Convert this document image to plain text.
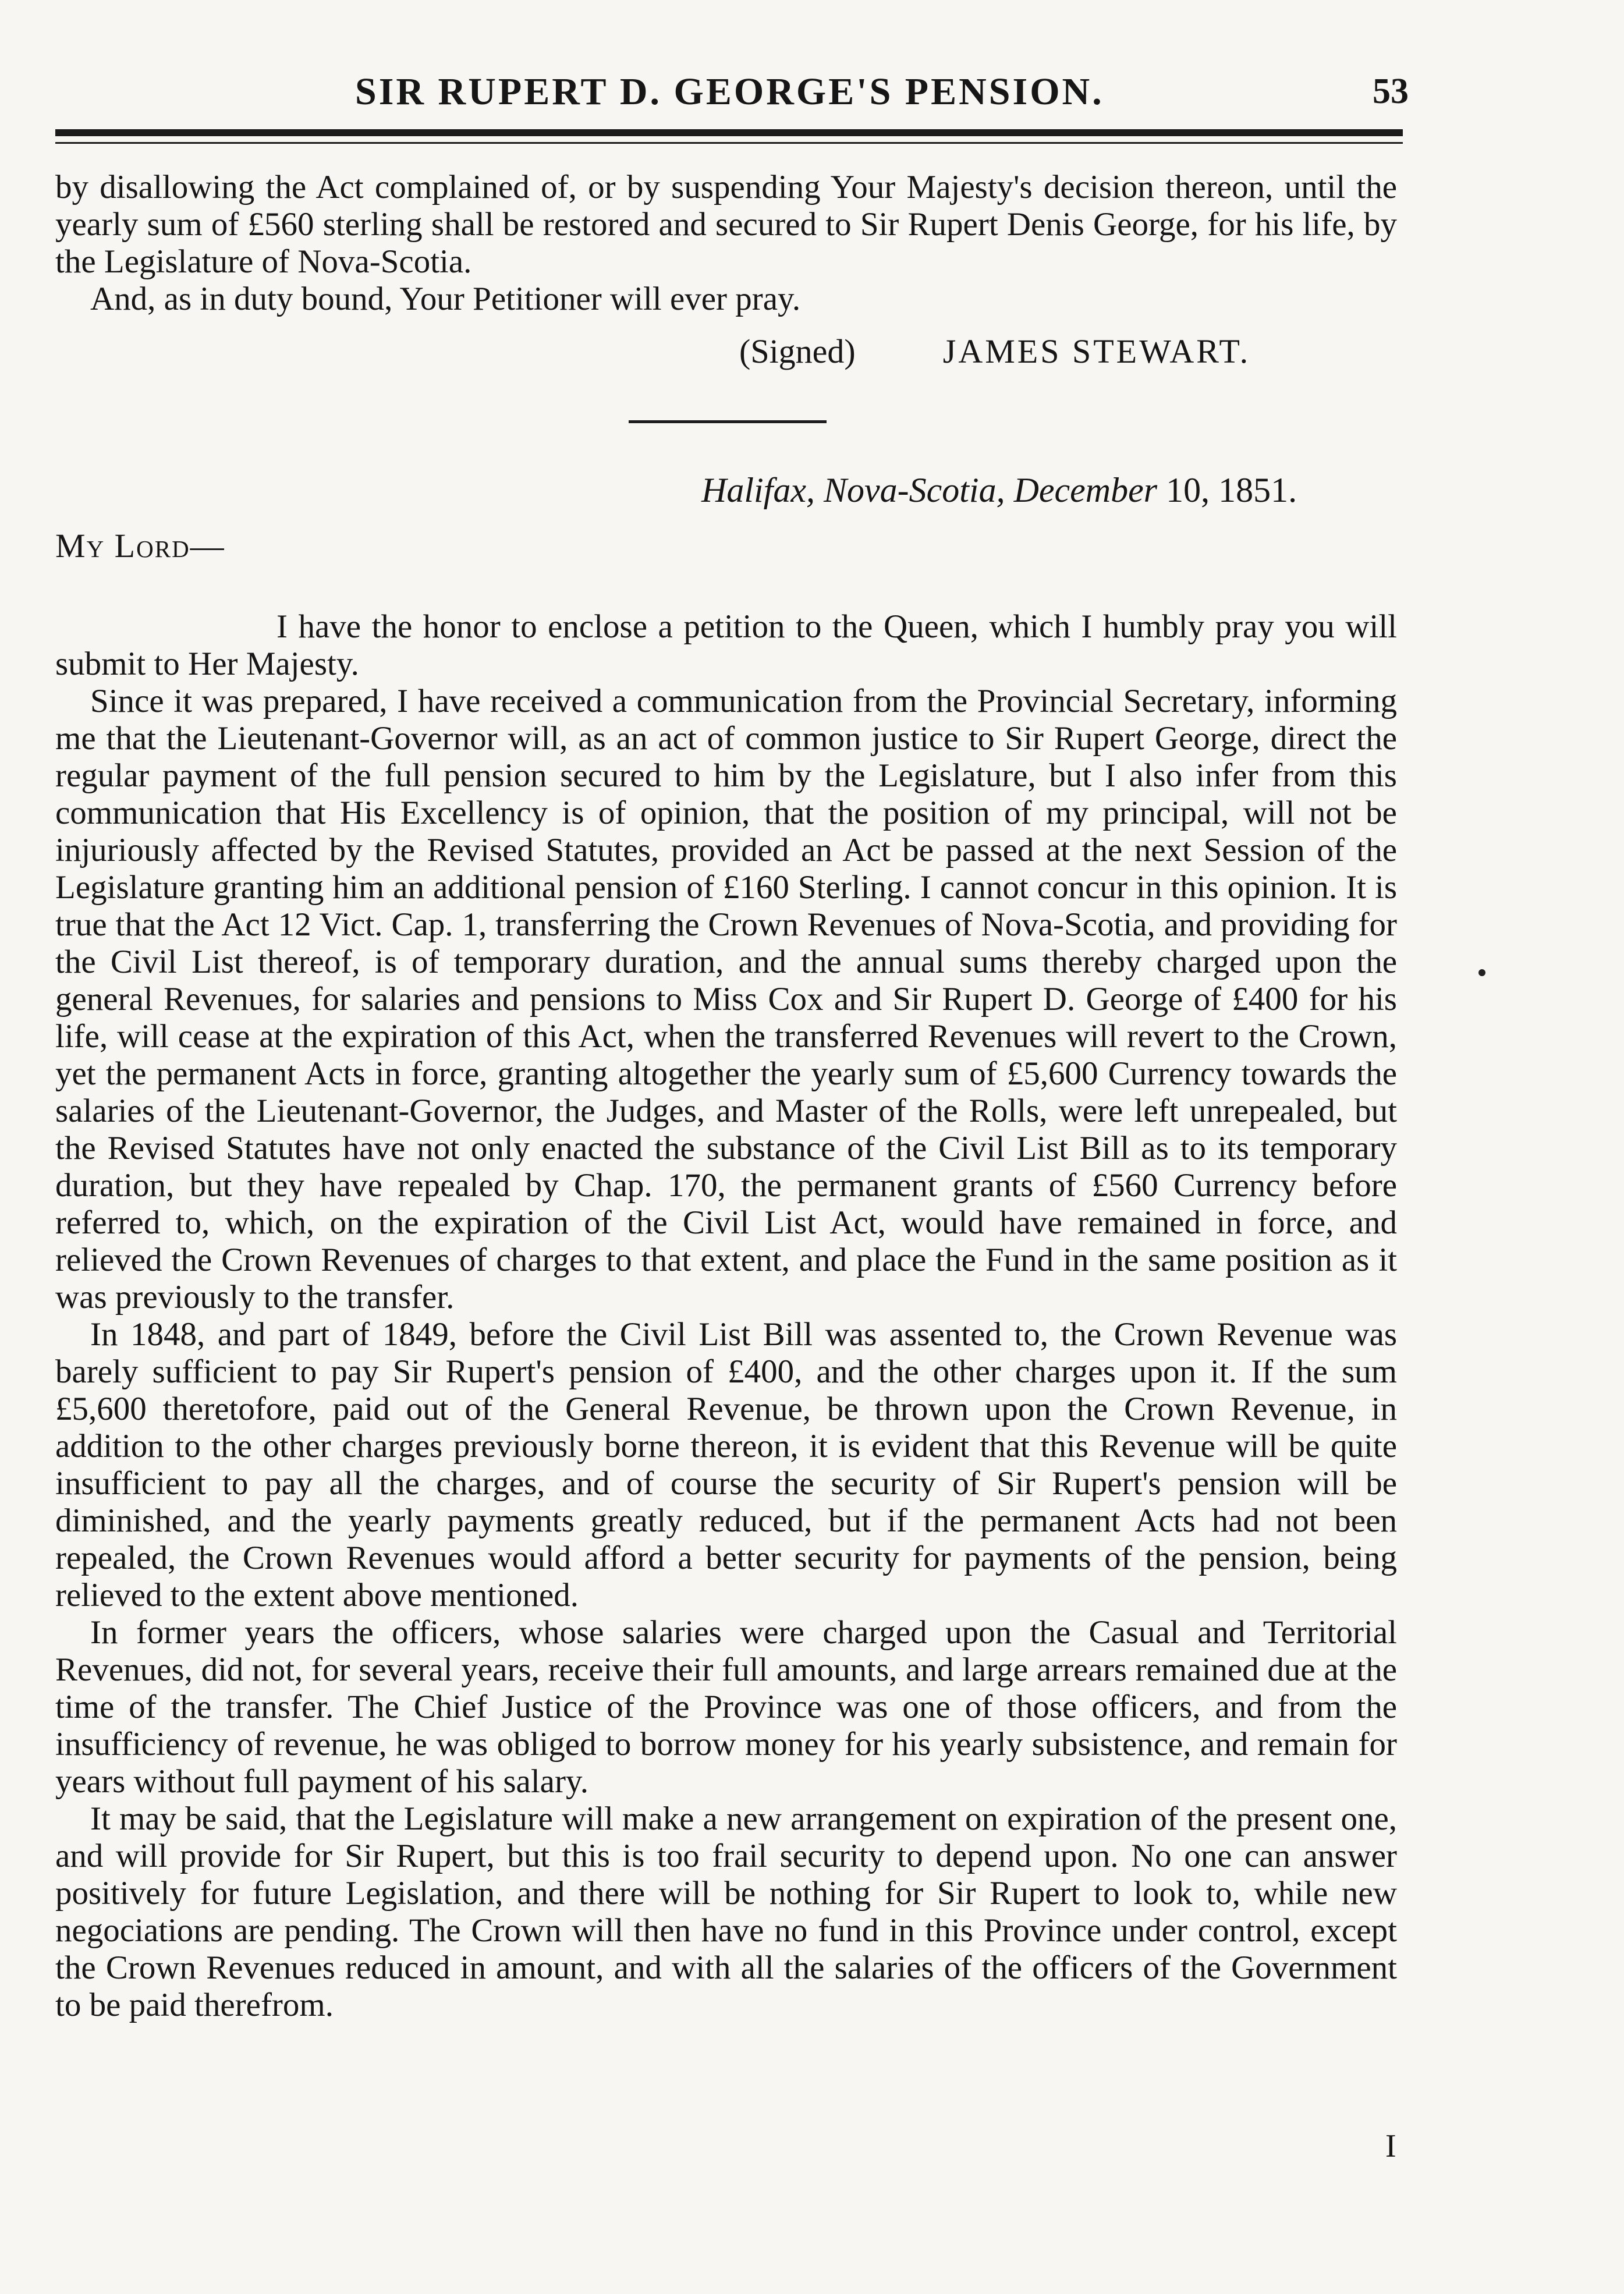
SIR RUPERT D. GEORGE'S PENSION.	53

by disallowing the Act complained of, or by suspending Your Majesty's decision thereon, until the yearly sum of £560 sterling shall be restored and secured to Sir Rupert Denis George, for his life, by the Legislature of Nova-Scotia.

And, as in duty bound, Your Petitioner will ever pray.

(Signed)	JAMES STEWART.
Halifax, Nova-Scotia, December 10, 1851.
My Lord—

I have the honor to enclose a petition to the Queen, which I humbly pray you will submit to Her Majesty.

Since it was prepared, I have received a communication from the Provincial Secretary, informing me that the Lieutenant-Governor will, as an act of common justice to Sir Rupert George, direct the regular payment of the full pension secured to him by the Legislature, but I also infer from this communication that His Excellency is of opinion, that the position of my principal, will not be injuriously affected by the Revised Statutes, provided an Act be passed at the next Session of the Legislature granting him an additional pension of £160 Sterling. I cannot concur in this opinion. It is true that the Act 12 Vict. Cap. 1, transferring the Crown Revenues of Nova-Scotia, and providing for the Civil List thereof, is of temporary duration, and the annual sums thereby charged upon the general Revenues, for salaries and pensions to Miss Cox and Sir Rupert D. George of £400 for his life, will cease at the expiration of this Act, when the transferred Revenues will revert to the Crown, yet the permanent Acts in force, granting altogether the yearly sum of £5,600 Currency towards the salaries of the Lieutenant-Governor, the Judges, and Master of the Rolls, were left unrepealed, but the Revised Statutes have not only enacted the substance of the Civil List Bill as to its temporary duration, but they have repealed by Chap. 170, the permanent grants of £560 Currency before referred to, which, on the expiration of the Civil List Act, would have remained in force, and relieved the Crown Revenues of charges to that extent, and place the Fund in the same position as it was previously to the transfer.

In 1848, and part of 1849, before the Civil List Bill was assented to, the Crown Revenue was barely sufficient to pay Sir Rupert's pension of £400, and the other charges upon it. If the sum £5,600 theretofore, paid out of the General Revenue, be thrown upon the Crown Revenue, in addition to the other charges previously borne thereon, it is evident that this Revenue will be quite insufficient to pay all the charges, and of course the security of Sir Rupert's pension will be diminished, and the yearly payments greatly reduced, but if the permanent Acts had not been repealed, the Crown Revenues would afford a better security for payments of the pension, being relieved to the extent above mentioned.

In former years the officers, whose salaries were charged upon the Casual and Territorial Revenues, did not, for several years, receive their full amounts, and large arrears remained due at the time of the transfer. The Chief Justice of the Province was one of those officers, and from the insufficiency of revenue, he was obliged to borrow money for his yearly subsistence, and remain for years without full payment of his salary.

It may be said, that the Legislature will make a new arrangement on expiration of the present one, and will provide for Sir Rupert, but this is too frail security to depend upon. No one can answer positively for future Legislation, and there will be nothing for Sir Rupert to look to, while new negociations are pending. The Crown will then have no fund in this Province under control, except the Crown Revenues reduced in amount, and with all the salaries of the officers of the Government to be paid therefrom.

I
